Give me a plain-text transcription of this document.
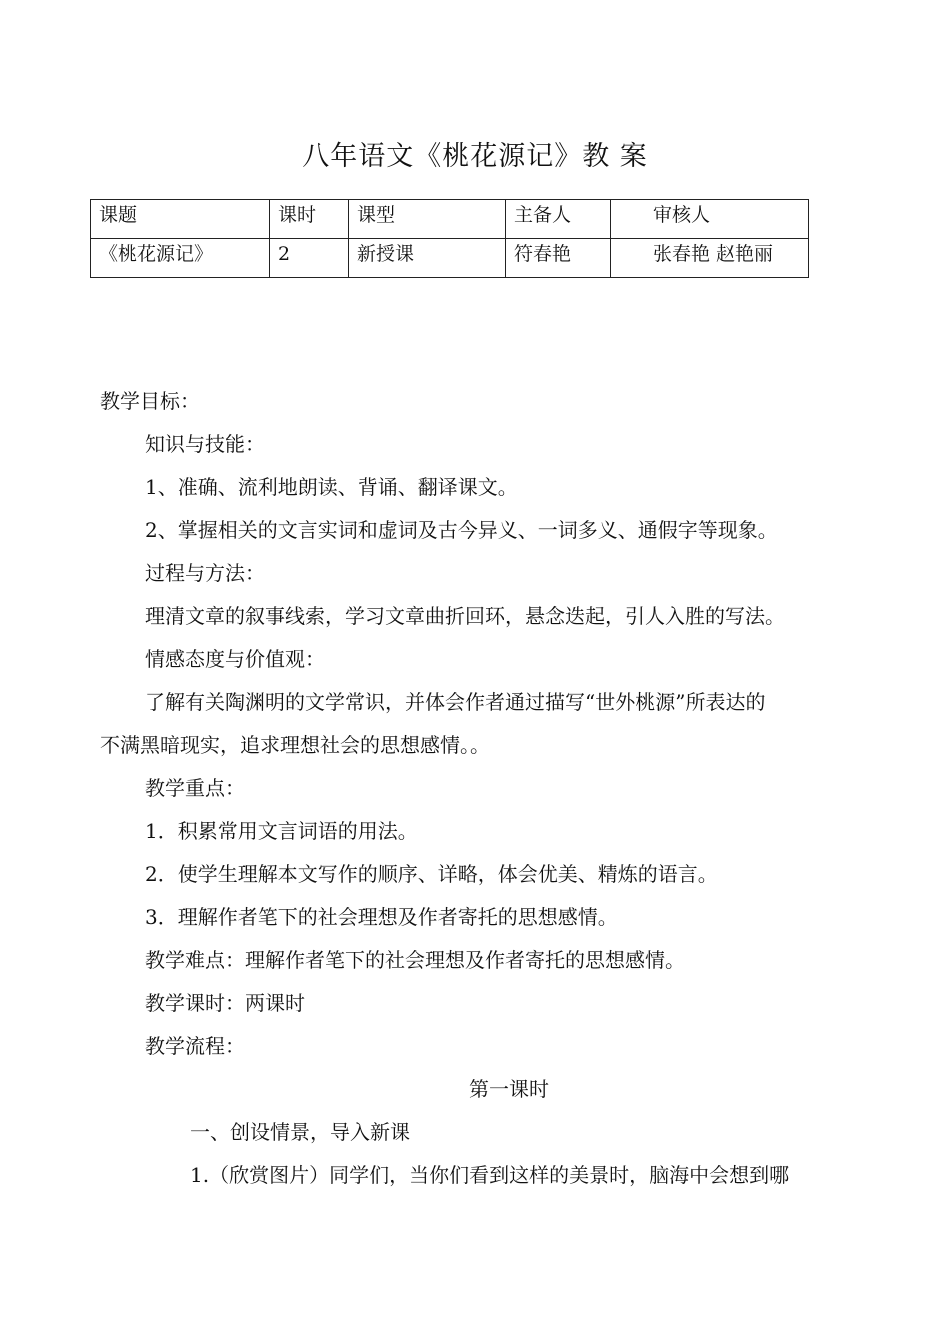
八年语文《桃花源记》教 案
课题	课时	课型	主备人	审核人
《桃花源记》	2	新授课	符春艳	张春艳 赵艳丽
教学目标：
知识与技能：
1、准确、流利地朗读、背诵、翻译课文。
2、掌握相关的文言实词和虚词及古今异义、一词多义、通假字等现象。
过程与方法：
理清文章的叙事线索，学习文章曲折回环，悬念迭起，引人入胜的写法。
情感态度与价值观：
了解有关陶渊明的文学常识，并体会作者通过描写“世外桃源”所表达的
不满黑暗现实，追求理想社会的思想感情。。
教学重点：
1．积累常用文言词语的用法。
2．使学生理解本文写作的顺序、详略，体会优美、精炼的语言。
3．理解作者笔下的社会理想及作者寄托的思想感情。
教学难点：理解作者笔下的社会理想及作者寄托的思想感情。
教学课时：两课时
教学流程：
第一课时
一、创设情景，导入新课
1.（欣赏图片）同学们，当你们看到这样的美景时，脑海中会想到哪
